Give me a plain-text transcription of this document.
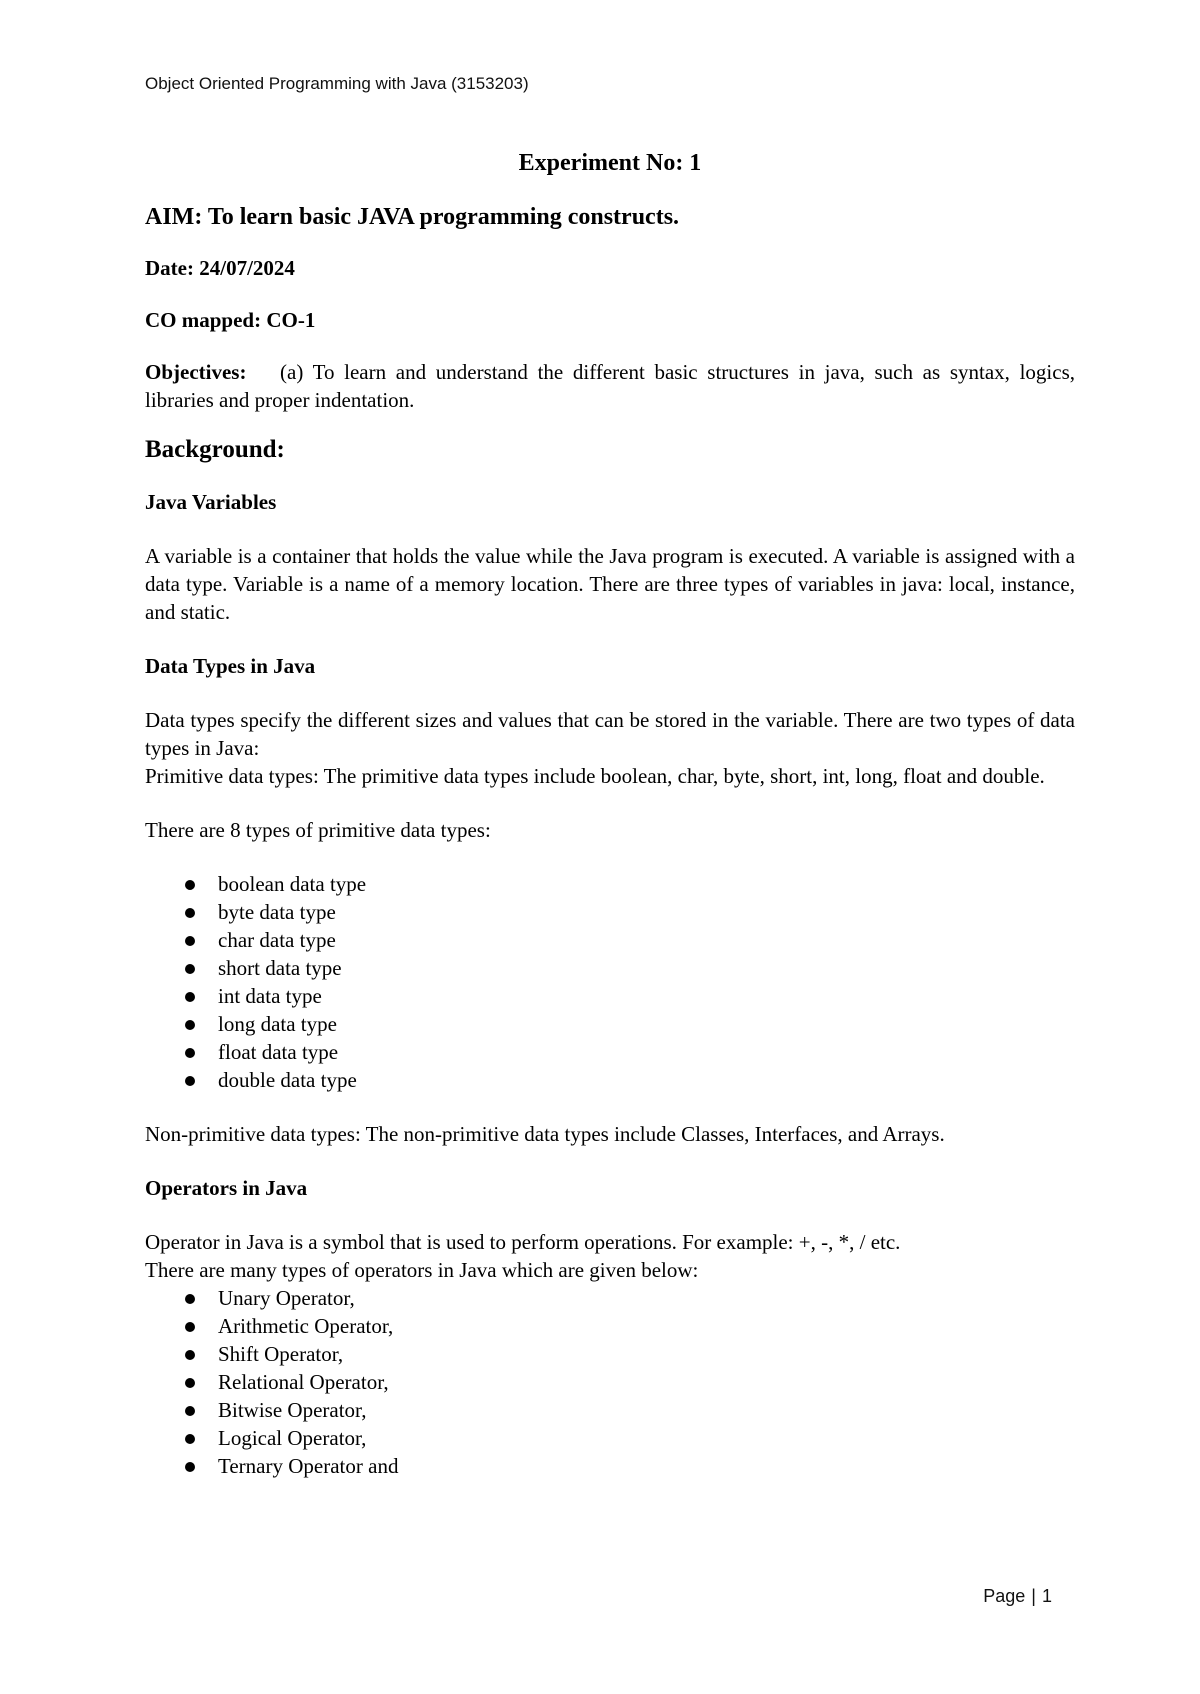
Object Oriented Programming with Java (3153203)
Experiment No: 1
AIM: To learn basic JAVA programming constructs.
Date: 24/07/2024
CO mapped: CO-1
Objectives: (a) To learn and understand the different basic structures in java, such as syntax, logics, libraries and proper indentation.
Background:
Java Variables
A variable is a container that holds the value while the Java program is executed. A variable is assigned with a data type. Variable is a name of a memory location. There are three types of variables in java: local, instance, and static.
Data Types in Java
Data types specify the different sizes and values that can be stored in the variable. There are two types of data types in Java:
Primitive data types: The primitive data types include boolean, char, byte, short, int, long, float and double.
There are 8 types of primitive data types:
boolean data type
byte data type
char data type
short data type
int data type
long data type
float data type
double data type
Non-primitive data types: The non-primitive data types include Classes, Interfaces, and Arrays.
Operators in Java
Operator in Java is a symbol that is used to perform operations. For example: +, -, *, / etc.
There are many types of operators in Java which are given below:
Unary Operator,
Arithmetic Operator,
Shift Operator,
Relational Operator,
Bitwise Operator,
Logical Operator,
Ternary Operator and
Page | 1
